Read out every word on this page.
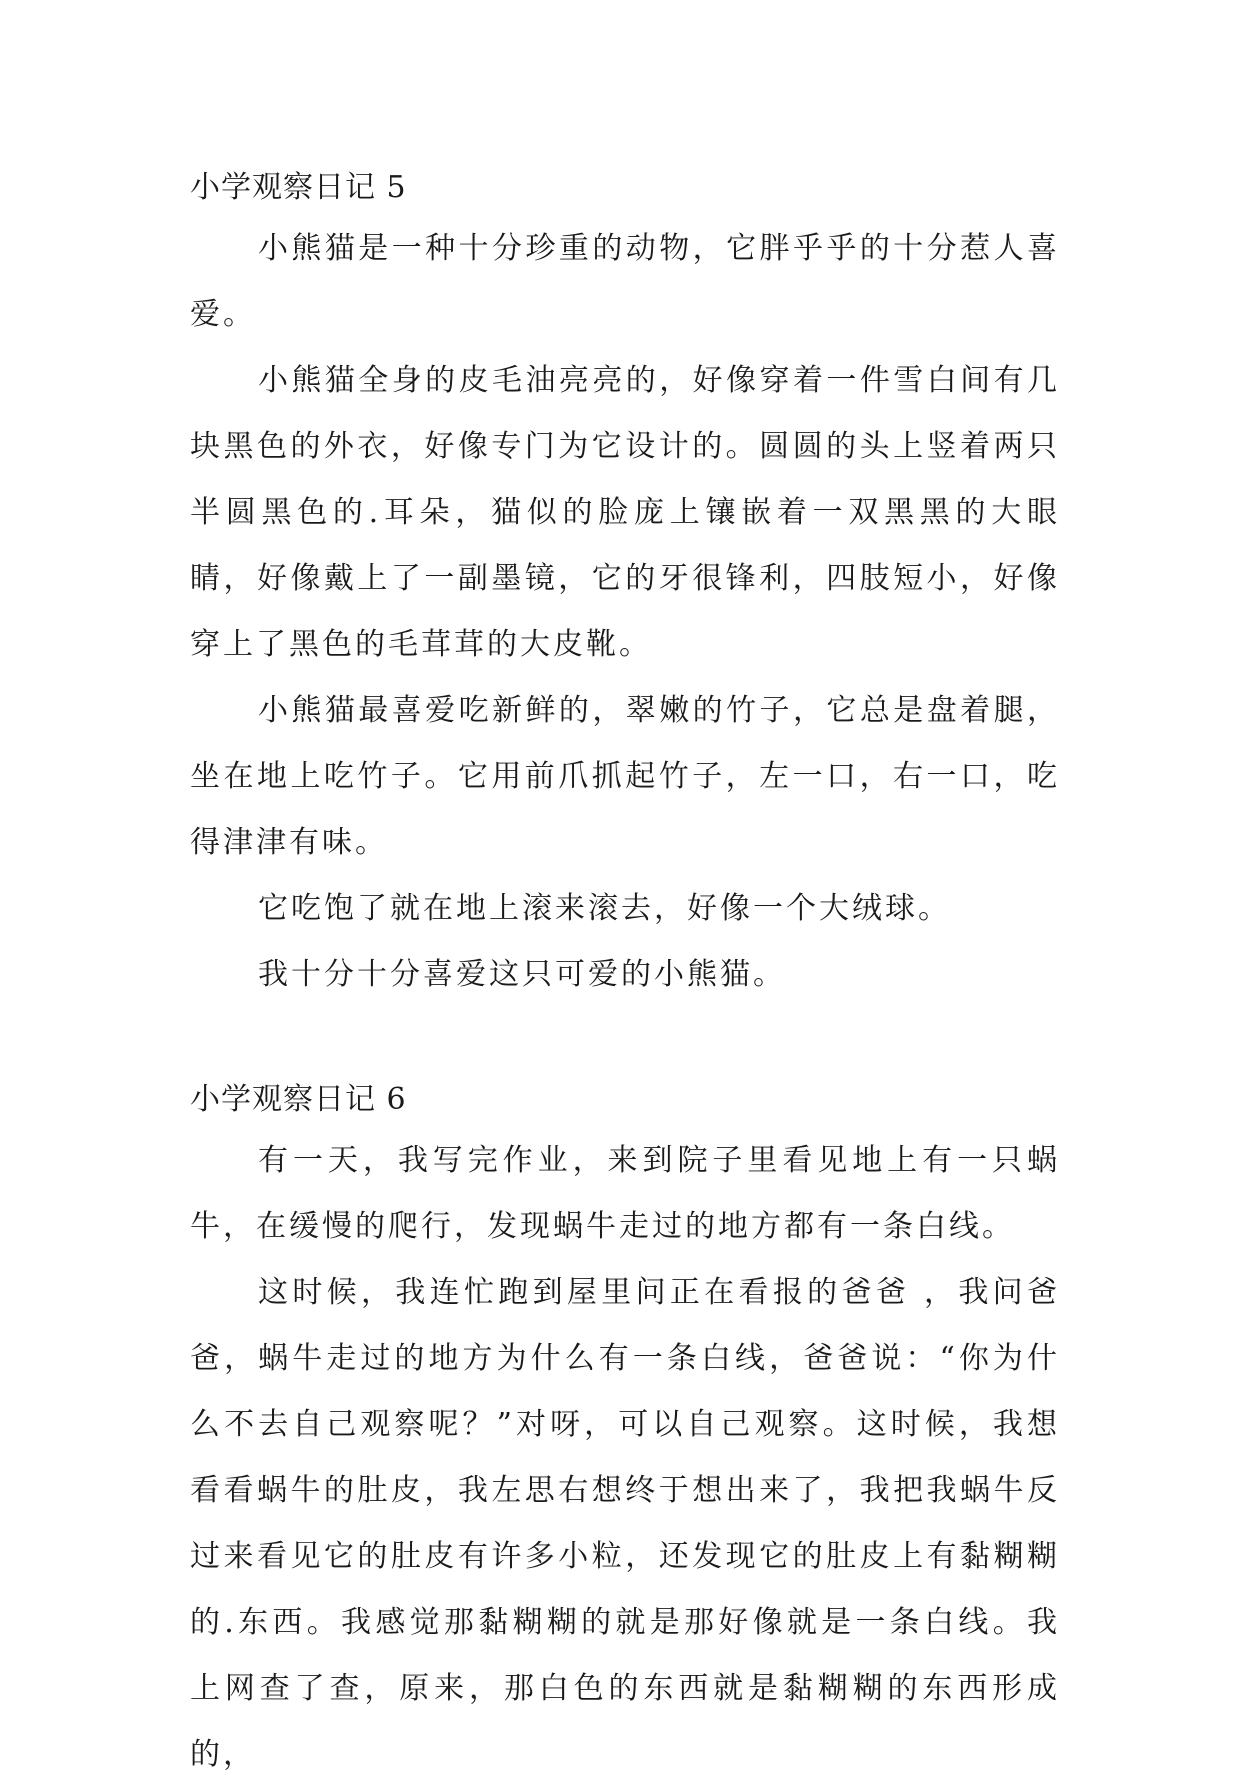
小学观察日记 5

小熊猫是一种十分珍重的动物，它胖乎乎的十分惹人喜爱。

小熊猫全身的皮毛油亮亮的，好像穿着一件雪白间有几块黑色的外衣，好像专门为它设计的。圆圆的头上竖着两只半圆黑色的.耳朵，猫似的脸庞上镶嵌着一双黑黑的大眼睛，好像戴上了一副墨镜，它的牙很锋利，四肢短小，好像穿上了黑色的毛茸茸的大皮靴。

小熊猫最喜爱吃新鲜的，翠嫩的竹子，它总是盘着腿，坐在地上吃竹子。它用前爪抓起竹子，左一口，右一口，吃得津津有味。

它吃饱了就在地上滚来滚去，好像一个大绒球。

我十分十分喜爱这只可爱的小熊猫。

小学观察日记 6

有一天，我写完作业，来到院子里看见地上有一只蜗牛，在缓慢的爬行，发现蜗牛走过的地方都有一条白线。

这时候，我连忙跑到屋里问正在看报的爸爸 ，我问爸爸，蜗牛走过的地方为什么有一条白线，爸爸说：“你为什么不去自己观察呢？”对呀，可以自己观察。这时候，我想看看蜗牛的肚皮，我左思右想终于想出来了，我把我蜗牛反过来看见它的肚皮有许多小粒，还发现它的肚皮上有黏糊糊的.东西。我感觉那黏糊糊的就是那好像就是一条白线。我上网查了查，原来，那白色的东西就是黏糊糊的东西形成的，
